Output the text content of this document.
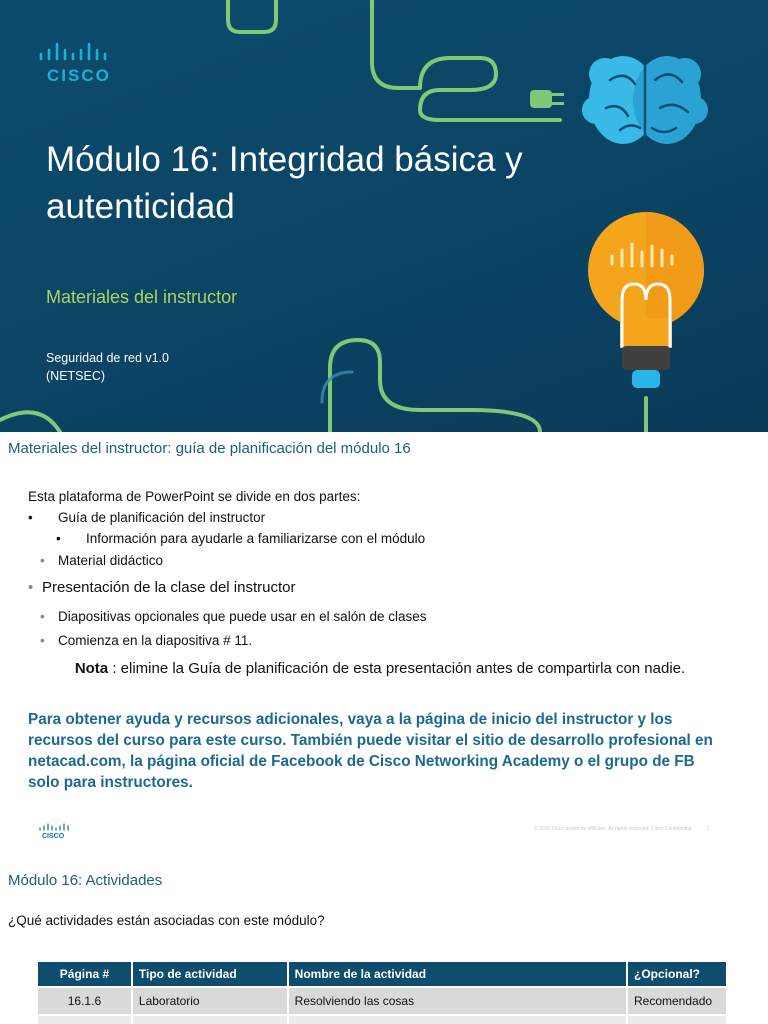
CISCO
Módulo 16: Integridad básica y autenticidad
Materiales del instructor
Seguridad de red v1.0
(NETSEC)
Materiales del instructor: guía de planificación del módulo 16
Esta plataforma de PowerPoint se divide en dos partes:
• Guía de planificación del instructor
• Información para ayudarle a familiarizarse con el módulo
• Material didáctico
• Presentación de la clase del instructor
• Diapositivas opcionales que puede usar en el salón de clases
• Comienza en la diapositiva # 11.
Nota : elimine la Guía de planificación de esta presentación antes de compartirla con nadie.
Para obtener ayuda y recursos adicionales, vaya a la página de inicio del instructor y los recursos del curso para este curso. También puede visitar el sitio de desarrollo profesional en netacad.com, la página oficial de Facebook de Cisco Networking Academy o el grupo de FB solo para instructores.
CISCO
© 2020 Cisco and/or its affiliates. All rights reserved. Cisco Confidential	2
Módulo 16: Actividades
¿Qué actividades están asociadas con este módulo?
Página #	Tipo de actividad	Nombre de la actividad	¿Opcional?
16.1.6	Laboratorio	Resolviendo las cosas	Recomendado
